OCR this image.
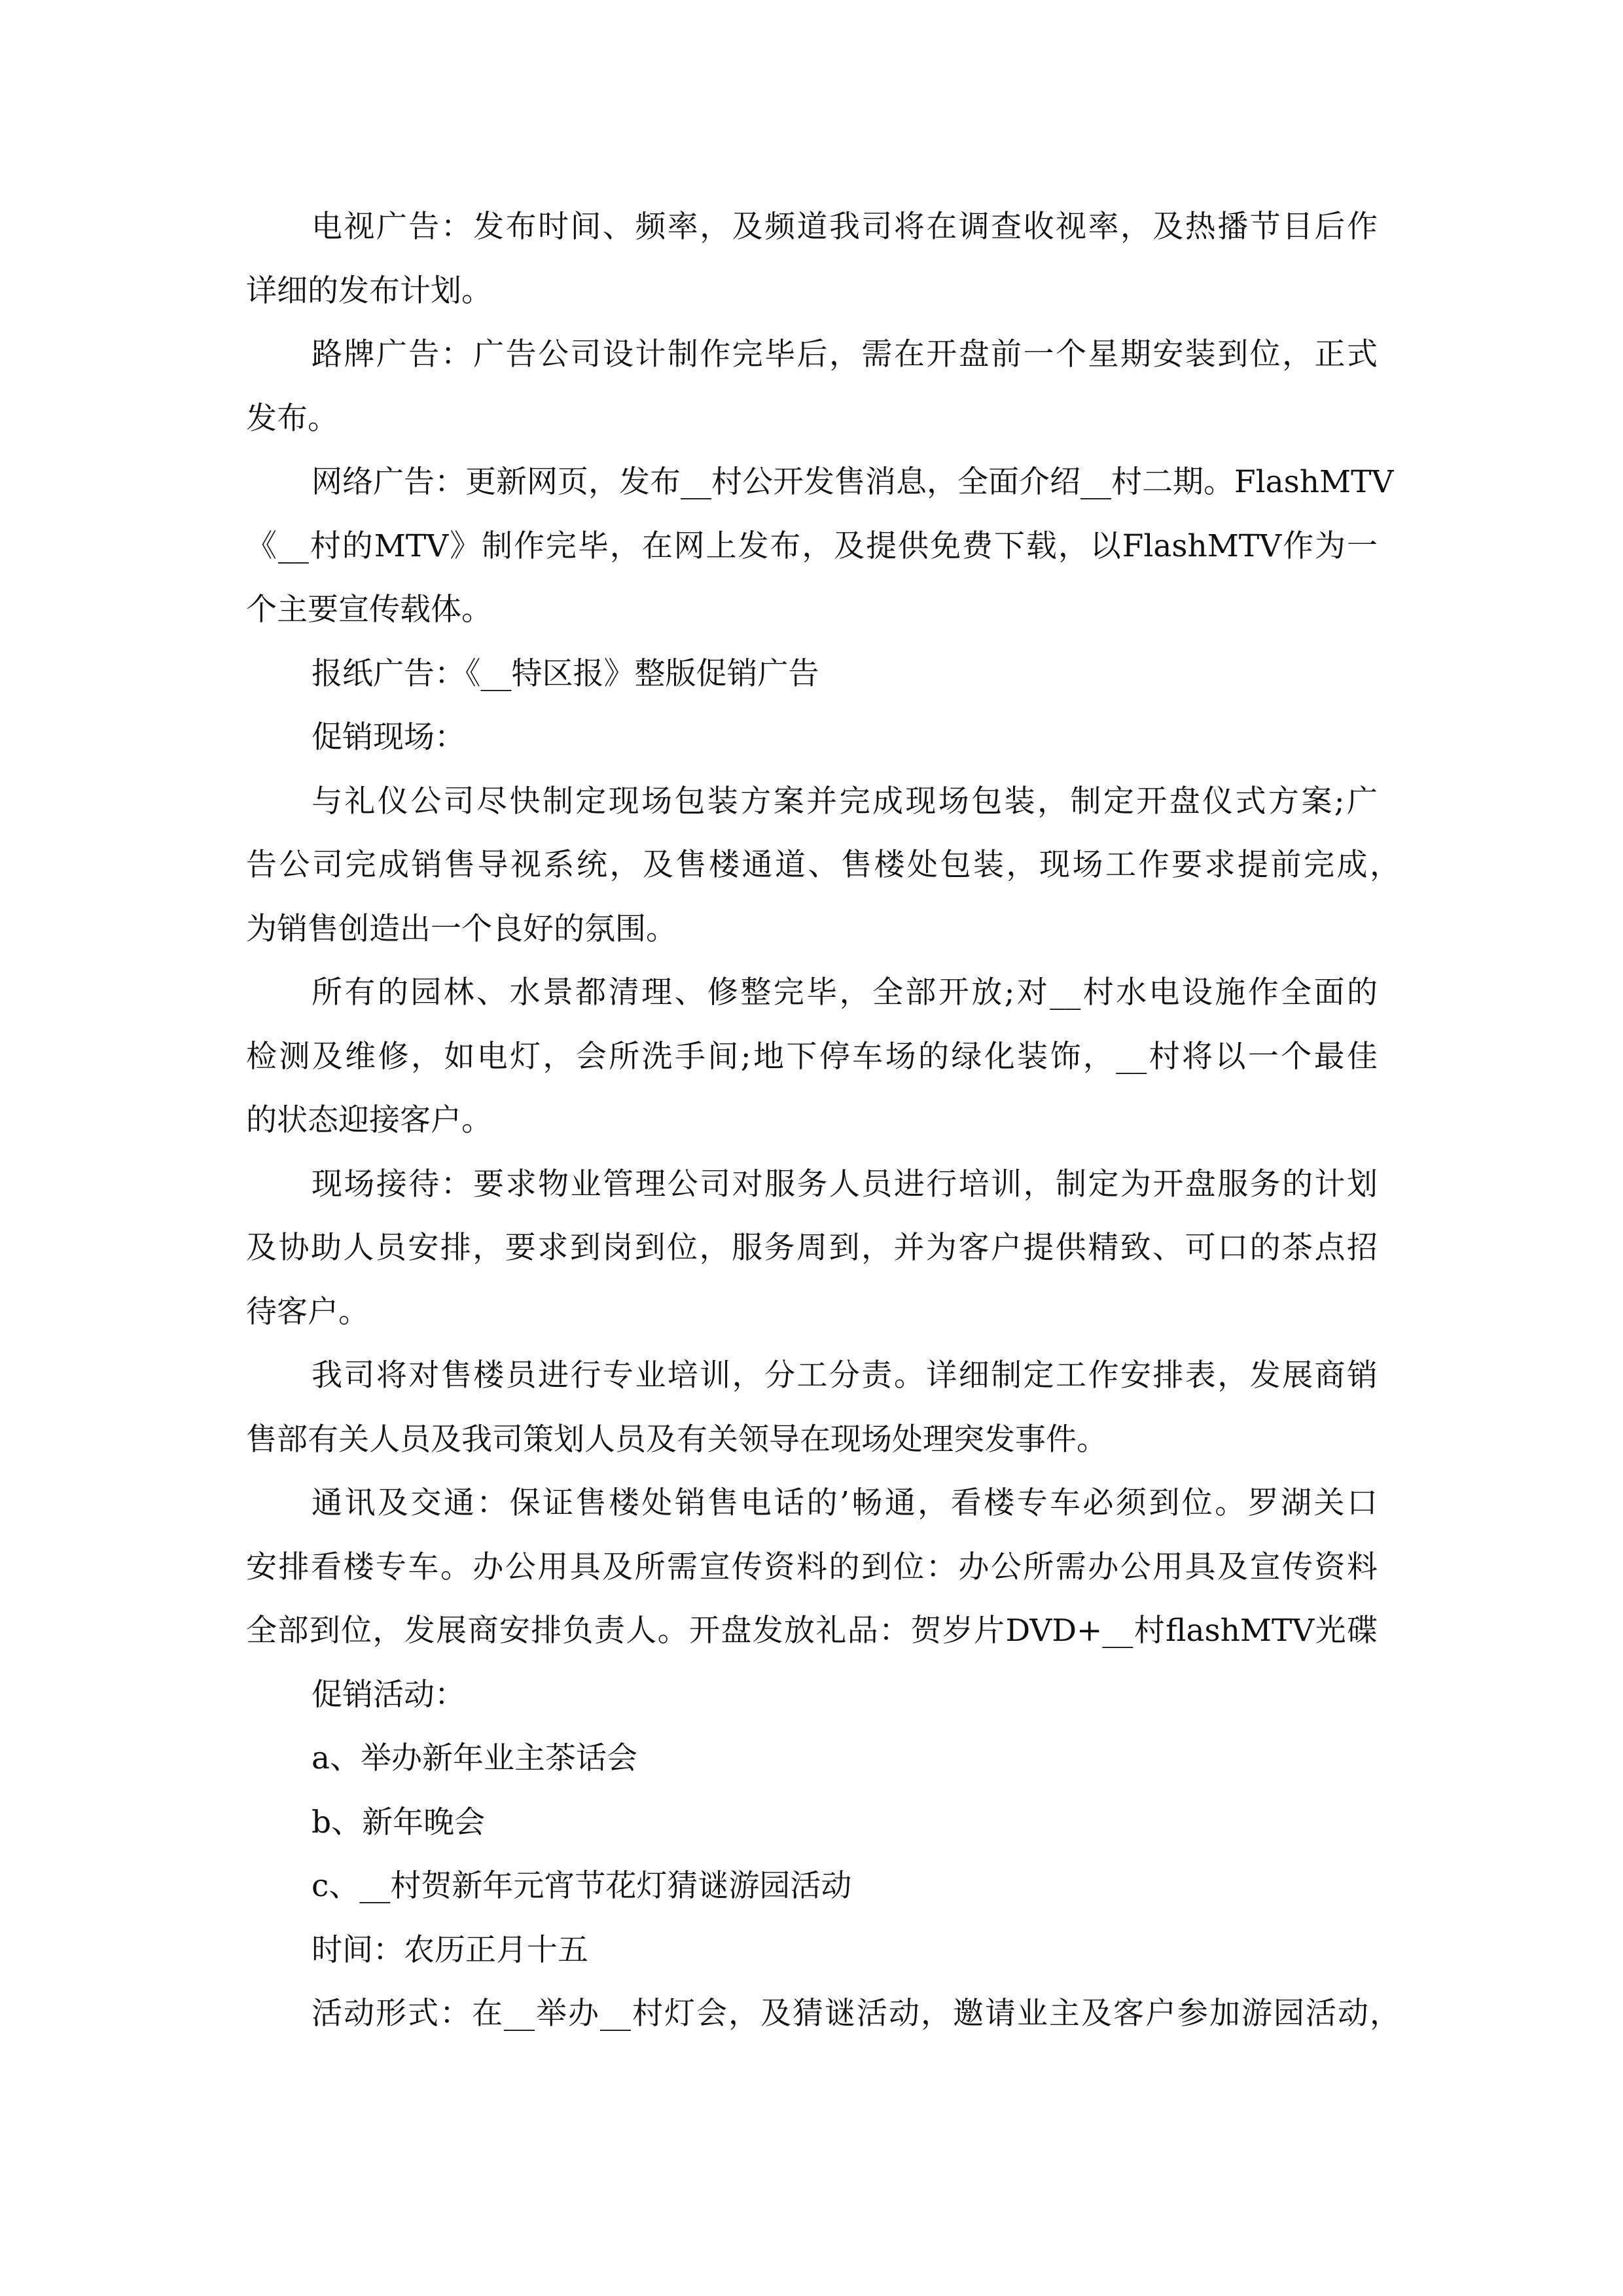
电视广告：发布时间、频率，及频道我司将在调查收视率，及热播节目后作
详细的发布计划。
路牌广告：广告公司设计制作完毕后，需在开盘前一个星期安装到位，正式
发布。
网络广告：更新网页，发布__村公开发售消息，全面介绍__村二期。FlashMTV
《__村的MTV》制作完毕，在网上发布，及提供免费下载，以FlashMTV作为一
个主要宣传载体。
报纸广告：《__特区报》整版促销广告
促销现场：
与礼仪公司尽快制定现场包装方案并完成现场包装，制定开盘仪式方案;广
告公司完成销售导视系统，及售楼通道、售楼处包装，现场工作要求提前完成，
为销售创造出一个良好的氛围。
所有的园林、水景都清理、修整完毕，全部开放;对__村水电设施作全面的
检测及维修，如电灯，会所洗手间;地下停车场的绿化装饰，__村将以一个最佳
的状态迎接客户。
现场接待：要求物业管理公司对服务人员进行培训，制定为开盘服务的计划
及协助人员安排，要求到岗到位，服务周到，并为客户提供精致、可口的茶点招
待客户。
我司将对售楼员进行专业培训，分工分责。详细制定工作安排表，发展商销
售部有关人员及我司策划人员及有关领导在现场处理突发事件。
通讯及交通：保证售楼处销售电话的’畅通，看楼专车必须到位。罗湖关口
安排看楼专车。办公用具及所需宣传资料的到位：办公所需办公用具及宣传资料
全部到位，发展商安排负责人。开盘发放礼品：贺岁片DVD+__村flashMTV光碟
促销活动：
a、举办新年业主茶话会
b、新年晚会
c、__村贺新年元宵节花灯猜谜游园活动
时间：农历正月十五
活动形式：在__举办__村灯会，及猜谜活动，邀请业主及客户参加游园活动，
